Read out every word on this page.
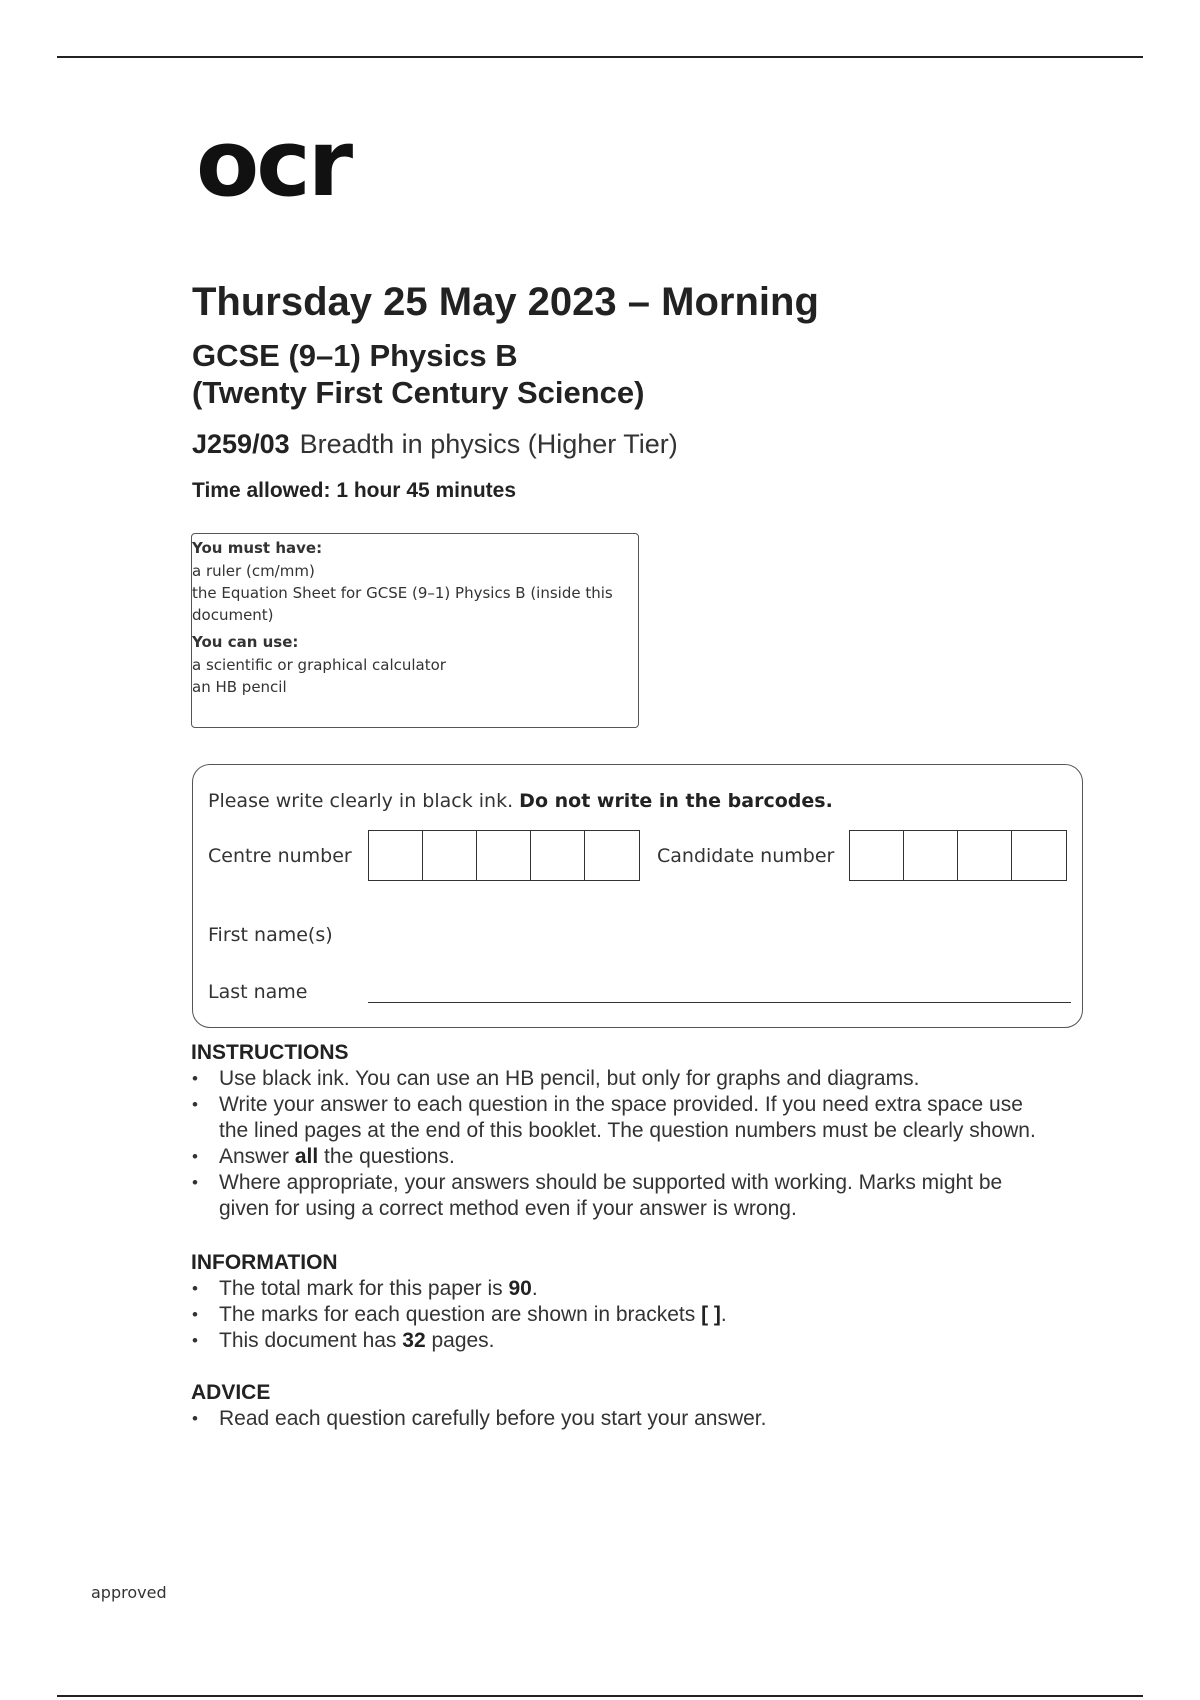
ocr
Thursday 25 May 2023 – Morning
GCSE (9–1) Physics B
(Twenty First Century Science)
J259/03 Breadth in physics (Higher Tier)
Time allowed: 1 hour 45 minutes
You must have:
a ruler (cm/mm)
the Equation Sheet for GCSE (9–1) Physics B (inside this
document)
You can use:
a scientific or graphical calculator
an HB pencil
Please write clearly in black ink. Do not write in the barcodes.
Centre number	Candidate number
First name(s)
Last name
INSTRUCTIONS
• Use black ink. You can use an HB pencil, but only for graphs and diagrams.
• Write your answer to each question in the space provided. If you need extra space use
the lined pages at the end of this booklet. The question numbers must be clearly shown.
• Answer all the questions.
• Where appropriate, your answers should be supported with working. Marks might be
given for using a correct method even if your answer is wrong.
INFORMATION
• The total mark for this paper is 90.
• The marks for each question are shown in brackets [ ].
• This document has 32 pages.
ADVICE
• Read each question carefully before you start your answer.
approved
